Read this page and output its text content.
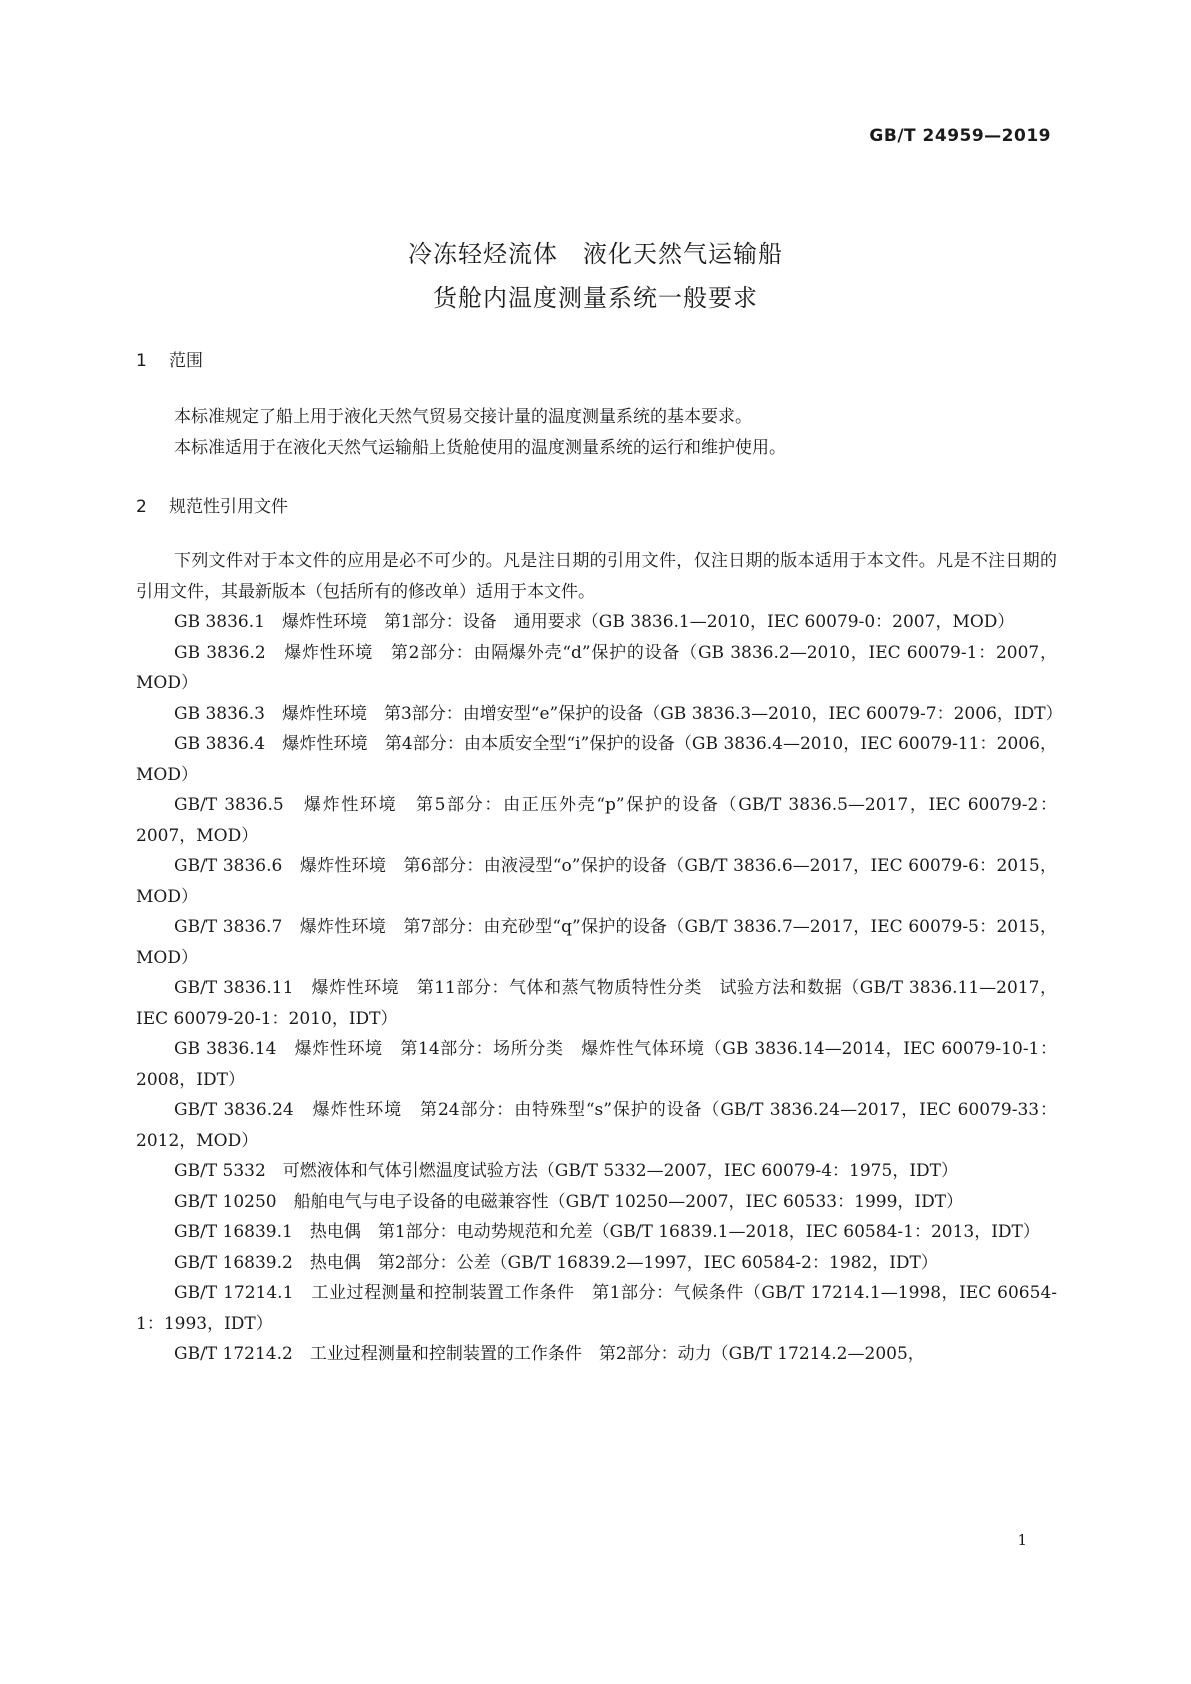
GB/T 24959—2019
冷冻轻烃流体　液化天然气运输船
货舱内温度测量系统一般要求
1 范围

本标准规定了船上用于液化天然气贸易交接计量的温度测量系统的基本要求。

本标准适用于在液化天然气运输船上货舱使用的温度测量系统的运行和维护使用。

2 规范性引用文件

下列文件对于本文件的应用是必不可少的。凡是注日期的引用文件，仅注日期的版本适用于本文件。凡是不注日期的引用文件，其最新版本（包括所有的修改单）适用于本文件。

GB 3836.1　爆炸性环境　第1部分：设备　通用要求（GB 3836.1—2010，IEC 60079-0：2007，MOD）

GB 3836.2　爆炸性环境　第2部分：由隔爆外壳“d”保护的设备（GB 3836.2—2010，IEC 60079-1：2007，MOD）

GB 3836.3　爆炸性环境　第3部分：由增安型“e”保护的设备（GB 3836.3—2010，IEC 60079-7：2006，IDT）

GB 3836.4　爆炸性环境　第4部分：由本质安全型“i”保护的设备（GB 3836.4—2010，IEC 60079-11：2006，MOD）

GB/T 3836.5　爆炸性环境　第5部分：由正压外壳“p”保护的设备（GB/T 3836.5—2017，IEC 60079-2：2007，MOD）

GB/T 3836.6　爆炸性环境　第6部分：由液浸型“o”保护的设备（GB/T 3836.6—2017，IEC 60079-6：2015，MOD）

GB/T 3836.7　爆炸性环境　第7部分：由充砂型“q”保护的设备（GB/T 3836.7—2017，IEC 60079-5：2015，MOD）

GB/T 3836.11　爆炸性环境　第11部分：气体和蒸气物质特性分类　试验方法和数据（GB/T 3836.11—2017，IEC 60079-20-1：2010，IDT）

GB 3836.14　爆炸性环境　第14部分：场所分类　爆炸性气体环境（GB 3836.14—2014，IEC 60079-10-1：2008，IDT）

GB/T 3836.24　爆炸性环境　第24部分：由特殊型“s”保护的设备（GB/T 3836.24—2017，IEC 60079-33：2012，MOD）

GB/T 5332　可燃液体和气体引燃温度试验方法（GB/T 5332—2007，IEC 60079-4：1975，IDT）

GB/T 10250　船舶电气与电子设备的电磁兼容性（GB/T 10250—2007，IEC 60533：1999，IDT）

GB/T 16839.1　热电偶　第1部分：电动势规范和允差（GB/T 16839.1—2018，IEC 60584-1：2013，IDT）

GB/T 16839.2　热电偶　第2部分：公差（GB/T 16839.2—1997，IEC 60584-2：1982，IDT）

GB/T 17214.1　工业过程测量和控制装置工作条件　第1部分：气候条件（GB/T 17214.1—1998，IEC 60654-1：1993，IDT）

GB/T 17214.2　工业过程测量和控制装置的工作条件　第2部分：动力（GB/T 17214.2—2005，

1
